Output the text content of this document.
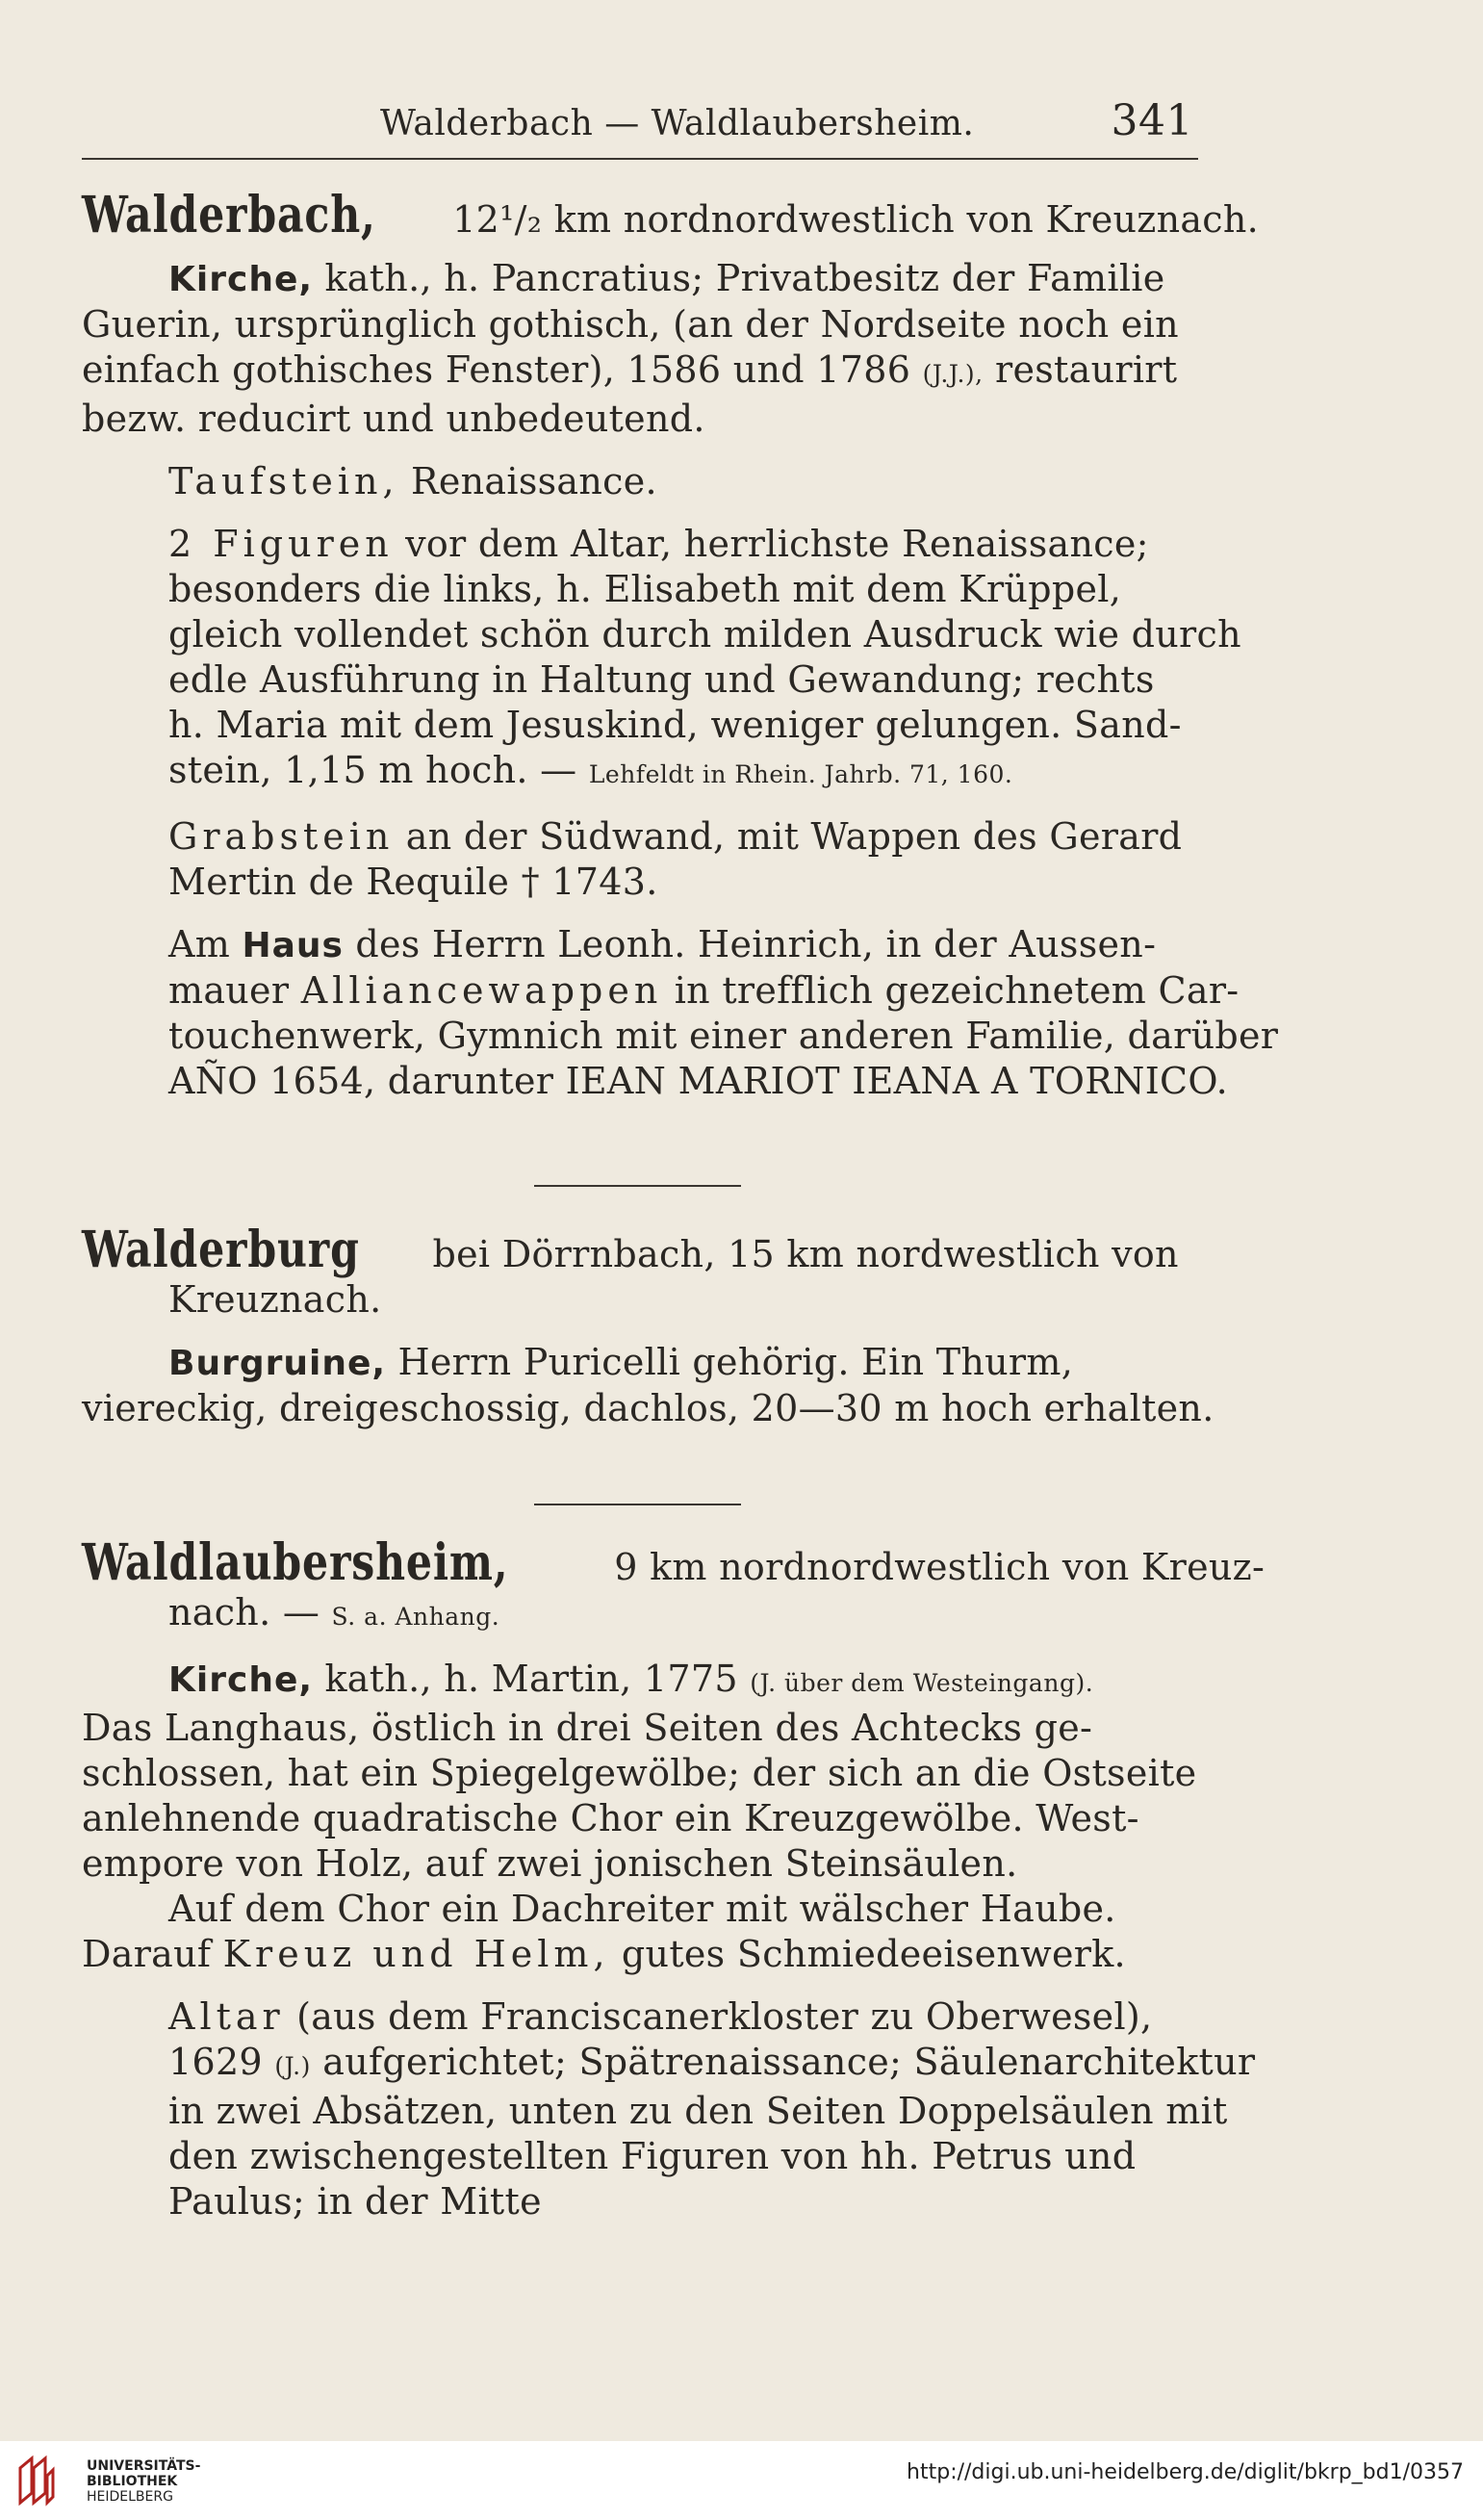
Walderbach — Waldlaubersheim.	341
Walderbach, 12¹/₂ km nordnordwestlich von Kreuznach.
Kirche, kath., h. Pancratius; Privatbesitz der Familie
Guerin, ursprünglich gothisch, (an der Nordseite noch ein
einfach gothisches Fenster), 1586 und 1786 (J.J.), restaurirt
bezw. reducirt und unbedeutend.
Taufstein, Renaissance.
2 Figuren vor dem Altar, herrlichste Renaissance;
besonders die links, h. Elisabeth mit dem Krüppel,
gleich vollendet schön durch milden Ausdruck wie durch
edle Ausführung in Haltung und Gewandung; rechts
h. Maria mit dem Jesuskind, weniger gelungen. Sand-
stein, 1,15 m hoch. — Lehfeldt in Rhein. Jahrb. 71, 160.
Grabstein an der Südwand, mit Wappen des Gerard
Mertin de Requile † 1743.
Am Haus des Herrn Leonh. Heinrich, in der Aussen-
mauer Alliancewappen in trefflich gezeichnetem Car-
touchenwerk, Gymnich mit einer anderen Familie, darüber
AÑO 1654, darunter IEAN MARIOT IEANA A TORNICO.
Walderburg bei Dörrnbach, 15 km nordwestlich von
Kreuznach.
Burgruine, Herrn Puricelli gehörig. Ein Thurm,
viereckig, dreigeschossig, dachlos, 20—30 m hoch erhalten.
Waldlaubersheim,	9 km nordnordwestlich von Kreuz-
nach. — S. a. Anhang.
Kirche, kath., h. Martin, 1775 (J. über dem Westeingang).
Das Langhaus, östlich in drei Seiten des Achtecks ge-
schlossen, hat ein Spiegelgewölbe; der sich an die Ostseite
anlehnende quadratische Chor ein Kreuzgewölbe. West-
empore von Holz, auf zwei jonischen Steinsäulen.
Auf dem Chor ein Dachreiter mit wälscher Haube.
Darauf Kreuz und Helm, gutes Schmiedeeisenwerk.
Altar (aus dem Franciscanerkloster zu Oberwesel),
1629 (J.) aufgerichtet; Spätrenaissance; Säulenarchitektur
in zwei Absätzen, unten zu den Seiten Doppelsäulen mit
den zwischengestellten Figuren von hh. Petrus und
Paulus; in der Mitte
UNIVERSITÄTS-
BIBLIOTHEK
HEIDELBERG
http://digi.ub.uni-heidelberg.de/diglit/bkrp_bd1/0357
